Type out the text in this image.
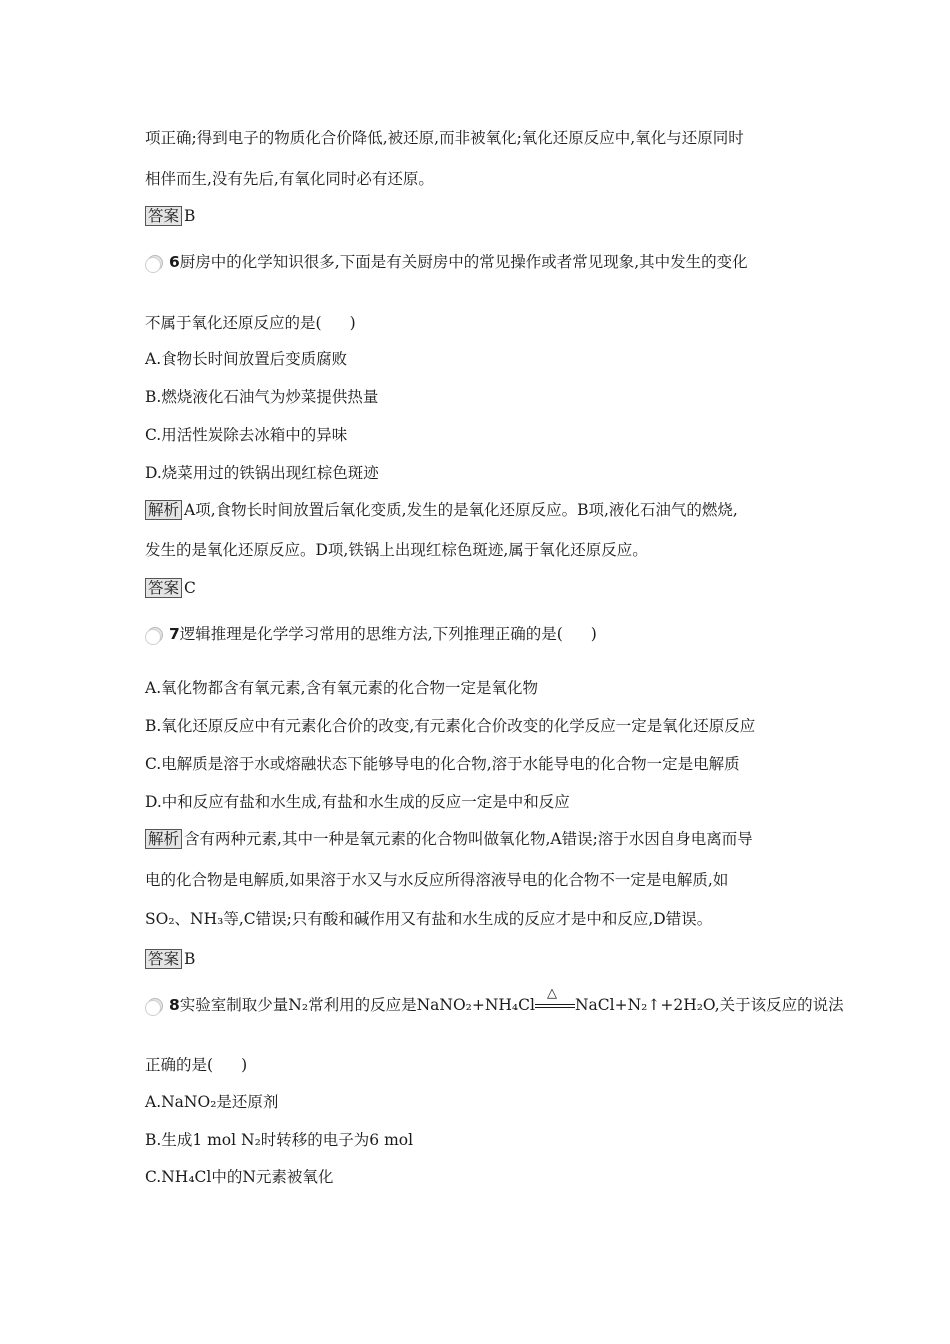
项正确;得到电子的物质化合价降低,被还原,而非被氧化;氧化还原反应中,氧化与还原同时
相伴而生,没有先后,有氧化同时必有还原。
答案 B
6厨房中的化学知识很多,下面是有关厨房中的常见操作或者常见现象,其中发生的变化
不属于氧化还原反应的是( )
A.食物长时间放置后变质腐败
B.燃烧液化石油气为炒菜提供热量
C.用活性炭除去冰箱中的异味
D.烧菜用过的铁锅出现红棕色斑迹
解析 A项,食物长时间放置后氧化变质,发生的是氧化还原反应。B项,液化石油气的燃烧,
发生的是氧化还原反应。D项,铁锅上出现红棕色斑迹,属于氧化还原反应。
答案 C
7逻辑推理是化学学习常用的思维方法,下列推理正确的是( )
A.氧化物都含有氧元素,含有氧元素的化合物一定是氧化物
B.氧化还原反应中有元素化合价的改变,有元素化合价改变的化学反应一定是氧化还原反应
C.电解质是溶于水或熔融状态下能够导电的化合物,溶于水能导电的化合物一定是电解质
D.中和反应有盐和水生成,有盐和水生成的反应一定是中和反应
解析 含有两种元素,其中一种是氧元素的化合物叫做氧化物,A错误;溶于水因自身电离而导
电的化合物是电解质,如果溶于水又与水反应所得溶液导电的化合物不一定是电解质,如
SO₂、NH₃等,C错误;只有酸和碱作用又有盐和水生成的反应才是中和反应,D错误。
答案 B
8实验室制取少量N₂常利用的反应是NaNO₂+NH₄Cl
△
NaCl+N₂↑+2H₂O,关于该反应的说法
正确的是( )
A.NaNO₂是还原剂
B.生成1 mol N₂时转移的电子为6 mol
C.NH₄Cl中的N元素被氧化
